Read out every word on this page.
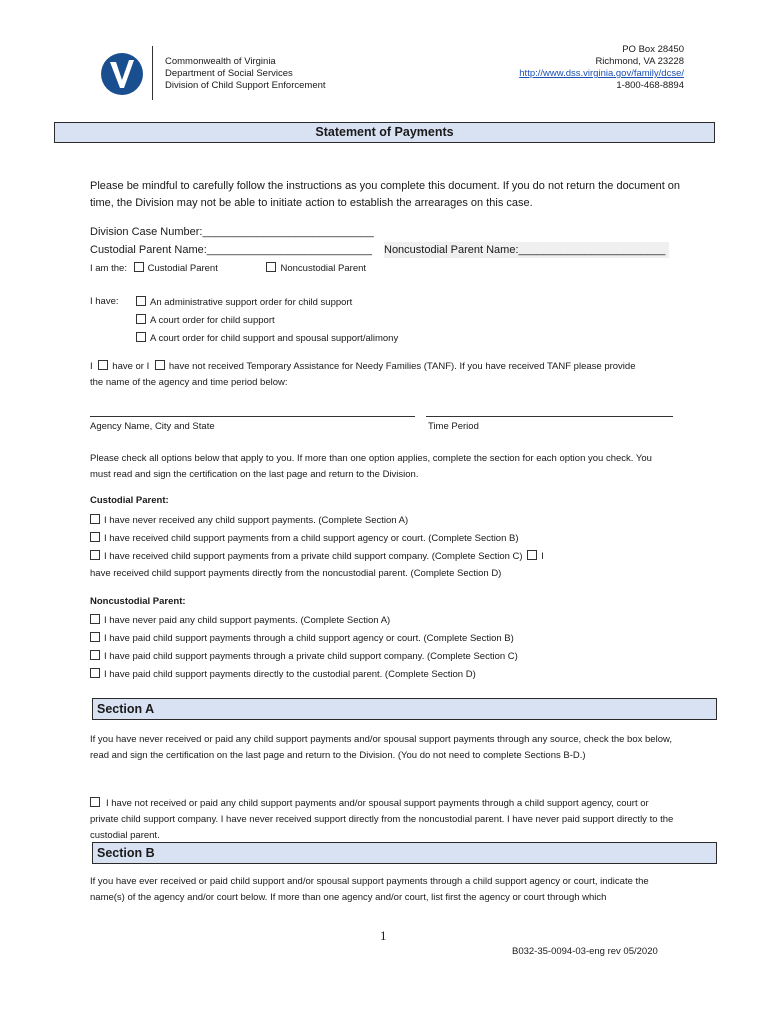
Commonwealth of Virginia
Department of Social Services
Division of Child Support Enforcement
PO Box 28450
Richmond, VA 23228
http://www.dss.virginia.gov/family/dcse/
1-800-468-8894
Statement of Payments
Please be mindful to carefully follow the instructions as you complete this document. If you do not return the document on time, the Division may not be able to initiate action to establish the arrearages on this case.
Division Case Number:____________________________
Custodial Parent Name:___________________________ Noncustodial Parent Name:________________________
I am the: Custodial Parent	Noncustodial Parent
I have:	An administrative support order for child support
A court order for child support
A court order for child support and spousal support/alimony
I have or I have not received Temporary Assistance for Needy Families (TANF). If you have received TANF please provide
the name of the agency and time period below:
Agency Name, City and State	Time Period
Please check all options below that apply to you. If more than one option applies, complete the section for each option you check. You must read and sign the certification on the last page and return to the Division.
Custodial Parent:
I have never received any child support payments. (Complete Section A)
I have received child support payments from a child support agency or court. (Complete Section B)
I have received child support payments from a private child support company. (Complete Section C) I
have received child support payments directly from the noncustodial parent. (Complete Section D)
Noncustodial Parent:
I have never paid any child support payments. (Complete Section A)
I have paid child support payments through a child support agency or court. (Complete Section B)
I have paid child support payments through a private child support company. (Complete Section C)
I have paid child support payments directly to the custodial parent. (Complete Section D)
Section A
If you have never received or paid any child support payments and/or spousal support payments through any source, check the box below, read and sign the certification on the last page and return to the Division. (You do not need to complete Sections B-D.)
I have not received or paid any child support payments and/or spousal support payments through a child support agency, court or private child support company. I have never received support directly from the noncustodial parent. I have never paid support directly to the custodial parent.
Section B
If you have ever received or paid child support and/or spousal support payments through a child support agency or court, indicate the name(s) of the agency and/or court below. If more than one agency and/or court, list first the agency or court through which
1
B032-35-0094-03-eng rev 05/2020
